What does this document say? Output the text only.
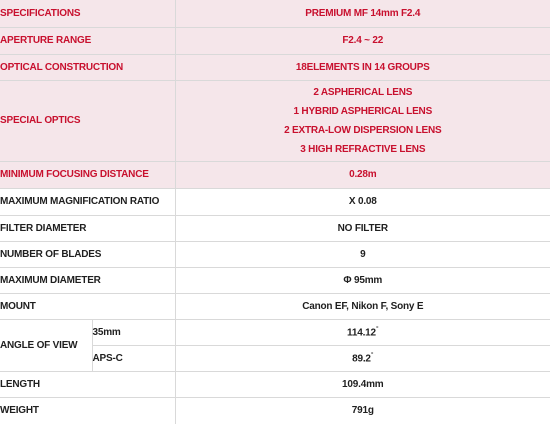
SPECIFICATIONS		PREMIUM MF 14mm F2.4
APERTURE RANGE		F2.4 ~ 22
OPTICAL CONSTRUCTION		18ELEMENTS IN 14 GROUPS
SPECIAL OPTICS		2 ASPHERICAL LENS
1 HYBRID ASPHERICAL LENS
2 EXTRA-LOW DISPERSION LENS
3 HIGH REFRACTIVE LENS

MINIMUM FOCUSING DISTANCE		0.28m
MAXIMUM MAGNIFICATION RATIO		X 0.08
FILTER DIAMETER		NO FILTER
NUMBER OF BLADES		9
MAXIMUM DIAMETER		Φ 95mm
MOUNT		Canon EF, Nikon F, Sony E
ANGLE OF VIEW	35mm	114.12°
	APS-C	89.2°
LENGTH		109.4mm
WEIGHT		791g
